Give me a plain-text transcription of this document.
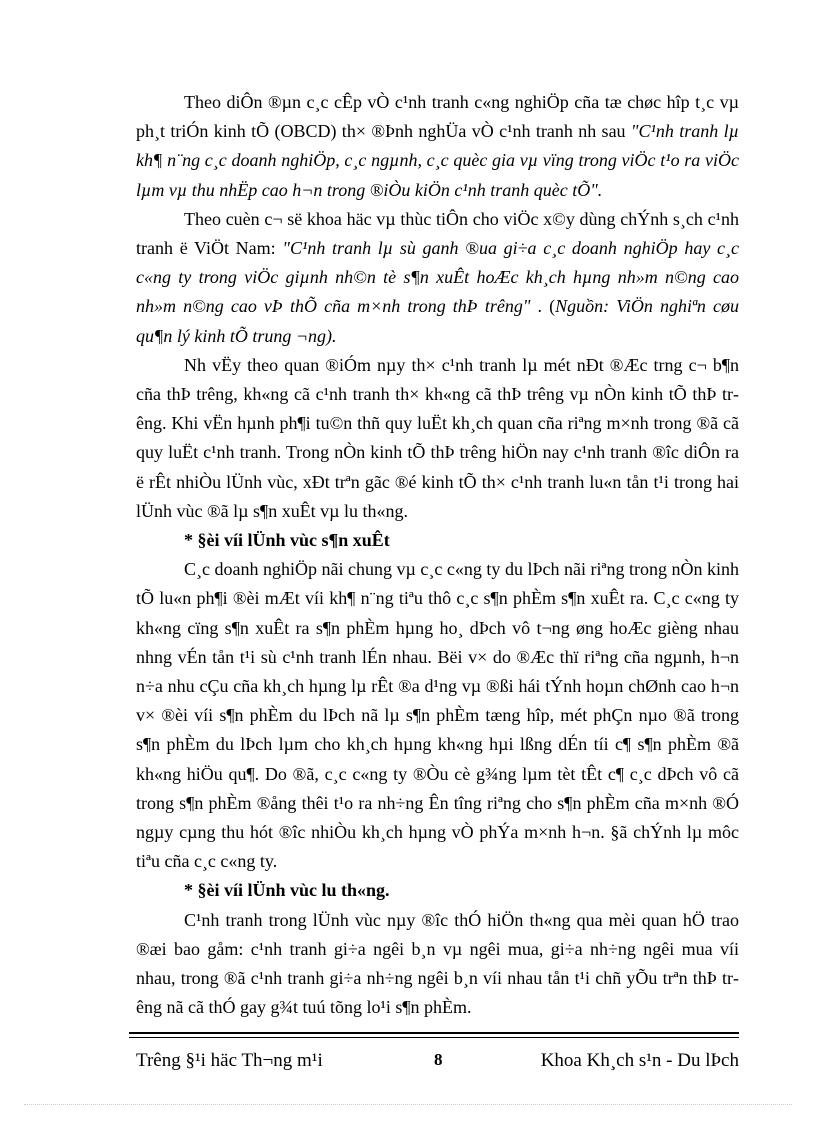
Theo diÔn ®µn c¸c cÊp vÒ c¹nh tranh c«ng nghiÖp cña tæ chøc hîp t¸c vµ ph¸t triÓn kinh tÕ (OBCD) th× ®Þnh nghÜa vÒ c¹nh tranh nh sau "C¹nh tranh lµ kh¶ n¨ng c¸c doanh nghiÖp, c¸c ngµnh, c¸c quèc gia vµ vïng trong viÖc t¹o ra viÖc lµm vµ thu nhËp cao h¬n trong ®iÒu kiÖn c¹nh tranh quèc tÕ".

Theo cuèn c¬ së khoa häc vµ thùc tiÔn cho viÖc x©y dùng chÝnh s¸ch c¹nh tranh ë ViÖt Nam: "C¹nh tranh lµ sù ganh ®ua gi÷a c¸c doanh nghiÖp hay c¸c c«ng ty trong viÖc giµnh nh©n tè s¶n xuÊt hoÆc kh¸ch hµng nh»m n©ng cao nh»m n©ng cao vÞ thÕ cña m×nh trong thÞ trêng" . (Nguồn: ViÖn nghiªn cøu qu¶n lý kinh tÕ trung ¬ng).

Nh vËy theo quan ®iÓm nµy th× c¹nh tranh lµ mét nÐt ®Æc trng c¬ b¶n cña thÞ trêng, kh«ng cã c¹nh tranh th× kh«ng cã thÞ trêng vµ nÒn kinh tÕ thÞ trêng. Khi vËn hµnh ph¶i tu©n thñ quy luËt kh¸ch quan cña riªng m×nh trong ®ã cã quy luËt c¹nh tranh. Trong nÒn kinh tÕ thÞ trêng hiÖn nay c¹nh tranh ®îc diÔn ra ë rÊt nhiÒu lÜnh vùc, xÐt trªn gãc ®é kinh tÕ th× c¹nh tranh lu«n tån t¹i trong hai lÜnh vùc ®ã lµ s¶n xuÊt vµ lu th«ng.

* §èi víi lÜnh vùc s¶n xuÊt

C¸c doanh nghiÖp nãi chung vµ c¸c c«ng ty du lÞch nãi riªng trong nÒn kinh tÕ lu«n ph¶i ®èi mÆt víi kh¶ n¨ng tiªu thô c¸c s¶n phÈm s¶n xuÊt ra. C¸c c«ng ty kh«ng cïng s¶n xuÊt ra s¶n phÈm hµng ho¸ dÞch vô t¬ng øng hoÆc gièng nhau nhng vÉn tån t¹i sù c¹nh tranh lÉn nhau. Bëi v× do ®Æc thï riªng cña ngµnh, h¬n n÷a nhu cÇu cña kh¸ch hµng lµ rÊt ®a d¹ng vµ ®ßi hái tÝnh hoµn chØnh cao h¬n v× ®èi víi s¶n phÈm du lÞch nã lµ s¶n phÈm tæng hîp, mét phÇn nµo ®ã trong s¶n phÈm du lÞch lµm cho kh¸ch hµng kh«ng hµi lßng dÉn tíi c¶ s¶n phÈm ®ã kh«ng hiÖu qu¶. Do ®ã, c¸c c«ng ty ®Òu cè g¾ng lµm tèt tÊt c¶ c¸c dÞch vô cã trong s¶n phÈm ®ång thêi t¹o ra nh÷ng Ên tîng riªng cho s¶n phÈm cña m×nh ®Ó ngµy cµng thu hót ®îc nhiÒu kh¸ch hµng vÒ phÝa m×nh h¬n. §ã chÝnh lµ môc tiªu cña c¸c c«ng ty.

* §èi víi lÜnh vùc lu th«ng.

C¹nh tranh trong lÜnh vùc nµy ®îc thÓ hiÖn th«ng qua mèi quan hÖ trao ®æi bao gåm: c¹nh tranh gi÷a ngêi b¸n vµ ngêi mua, gi÷a nh÷ng ngêi mua víi nhau, trong ®ã c¹nh tranh gi÷a nh÷ng ngêi b¸n víi nhau tån t¹i chñ yÕu trªn thÞ trêng nã cã thÓ gay g¾t tuú tõng lo¹i s¶n phÈm.

Trêng §¹i häc Th¬ng m¹i	8	Khoa Kh¸ch s¹n - Du lÞch
